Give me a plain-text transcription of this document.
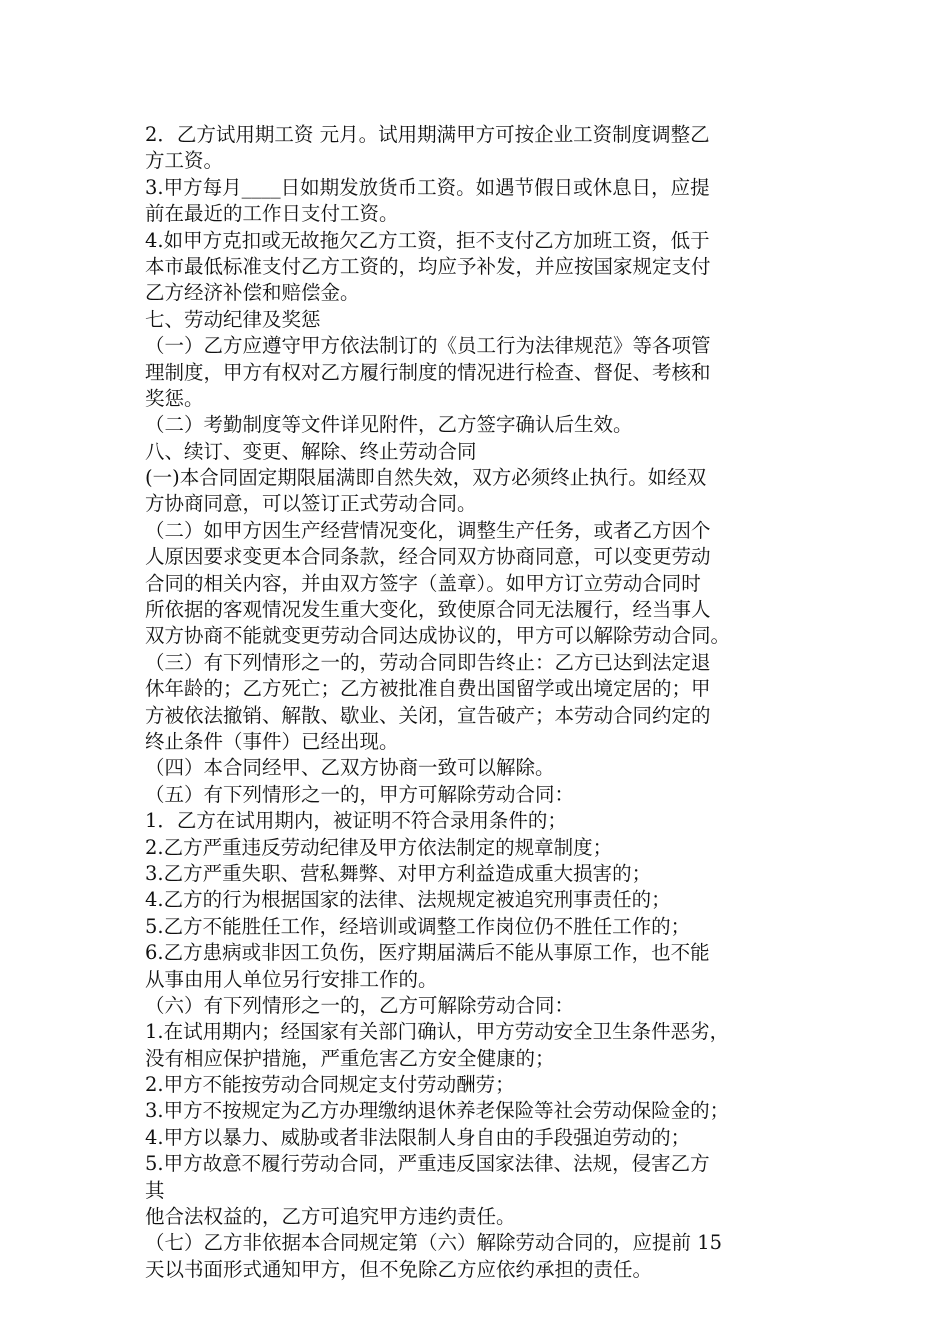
2．乙方试用期工资 元月。试用期满甲方可按企业工资制度调整乙
方工资。
3.甲方每月____日如期发放货币工资。如遇节假日或休息日，应提
前在最近的工作日支付工资。
4.如甲方克扣或无故拖欠乙方工资，拒不支付乙方加班工资，低于
本市最低标准支付乙方工资的，均应予补发，并应按国家规定支付
乙方经济补偿和赔偿金。
七、劳动纪律及奖惩
（一）乙方应遵守甲方依法制订的《员工行为法律规范》等各项管
理制度，甲方有权对乙方履行制度的情况进行检查、督促、考核和
奖惩。
（二）考勤制度等文件详见附件，乙方签字确认后生效。
八、续订、变更、解除、终止劳动合同
(一)本合同固定期限届满即自然失效，双方必须终止执行。如经双
方协商同意，可以签订正式劳动合同。
（二）如甲方因生产经营情况变化，调整生产任务，或者乙方因个
人原因要求变更本合同条款，经合同双方协商同意，可以变更劳动
合同的相关内容，并由双方签字（盖章）。如甲方订立劳动合同时
所依据的客观情况发生重大变化，致使原合同无法履行，经当事人
双方协商不能就变更劳动合同达成协议的，甲方可以解除劳动合同。
（三）有下列情形之一的，劳动合同即告终止：乙方已达到法定退
休年龄的；乙方死亡；乙方被批准自费出国留学或出境定居的；甲
方被依法撤销、解散、歇业、关闭，宣告破产；本劳动合同约定的
终止条件（事件）已经出现。
（四）本合同经甲、乙双方协商一致可以解除。
（五）有下列情形之一的，甲方可解除劳动合同：
1．乙方在试用期内，被证明不符合录用条件的；
2.乙方严重违反劳动纪律及甲方依法制定的规章制度；
3.乙方严重失职、营私舞弊、对甲方利益造成重大损害的；
4.乙方的行为根据国家的法律、法规规定被追究刑事责任的；
5.乙方不能胜任工作，经培训或调整工作岗位仍不胜任工作的；
6.乙方患病或非因工负伤，医疗期届满后不能从事原工作，也不能
从事由用人单位另行安排工作的。
（六）有下列情形之一的，乙方可解除劳动合同：
1.在试用期内；经国家有关部门确认，甲方劳动安全卫生条件恶劣，
没有相应保护措施，严重危害乙方安全健康的；
2.甲方不能按劳动合同规定支付劳动酬劳；
3.甲方不按规定为乙方办理缴纳退休养老保险等社会劳动保险金的；
4.甲方以暴力、威胁或者非法限制人身自由的手段强迫劳动的；
5.甲方故意不履行劳动合同，严重违反国家法律、法规，侵害乙方
其
他合法权益的，乙方可追究甲方违约责任。
（七）乙方非依据本合同规定第（六）解除劳动合同的，应提前 15
天以书面形式通知甲方，但不免除乙方应依约承担的责任。
